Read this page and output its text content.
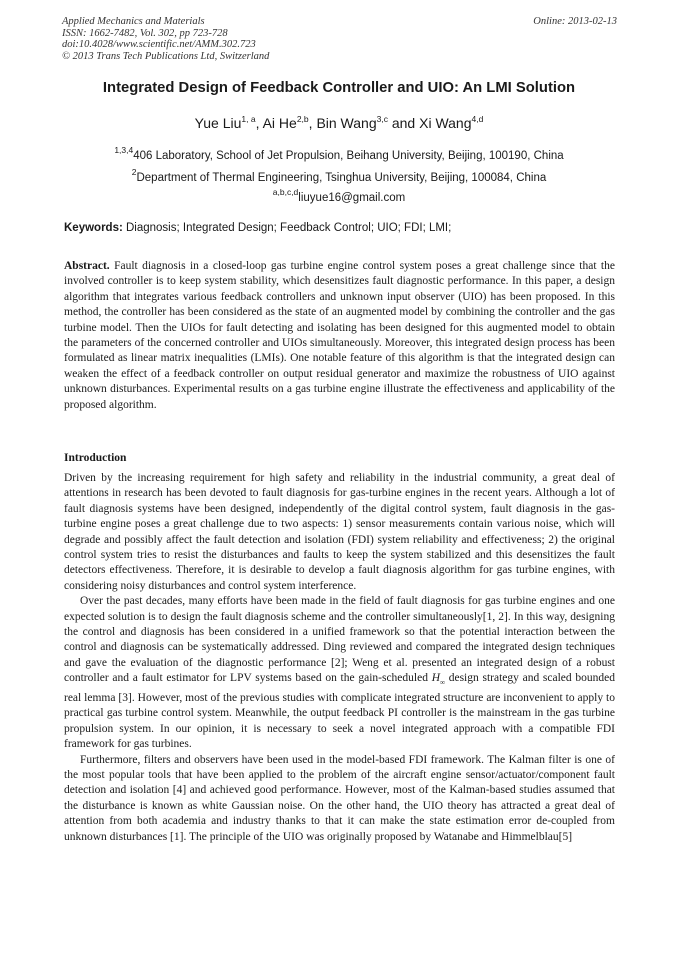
Applied Mechanics and Materials
ISSN: 1662-7482, Vol. 302, pp 723-728
doi:10.4028/www.scientific.net/AMM.302.723
© 2013 Trans Tech Publications Ltd, Switzerland
Online: 2013-02-13
Integrated Design of Feedback Controller and UIO: An LMI Solution
Yue Liu$^{1, a}$, Ai He$^{2,b}$, Bin Wang$^{3,c}$ and Xi Wang$^{4,d}$
$^{1,3,4}$406 Laboratory, School of Jet Propulsion, Beihang University, Beijing, 100190, China
$^2$Department of Thermal Engineering, Tsinghua University, Beijing, 100084, China
$^{a,b,c,d}$liuyue16@gmail.com
Keywords: Diagnosis; Integrated Design; Feedback Control; UIO; FDI; LMI;
Abstract. Fault diagnosis in a closed-loop gas turbine engine control system poses a great challenge since that the involved controller is to keep system stability, which desensitizes fault diagnostic performance. In this paper, a design algorithm that integrates various feedback controllers and unknown input observer (UIO) has been proposed. In this method, the controller has been considered as the state of an augmented model by combining the controller and the gas turbine model. Then the UIOs for fault detecting and isolating has been designed for this augmented model to obtain the parameters of the concerned controller and UIOs simultaneously. Moreover, this integrated design process has been formulated as linear matrix inequalities (LMIs). One notable feature of this algorithm is that the integrated design can weaken the effect of a feedback controller on output residual generator and maximize the robustness of UIO against unknown disturbances. Experimental results on a gas turbine engine illustrate the effectiveness and applicability of the proposed algorithm.
Introduction

Driven by the increasing requirement for high safety and reliability in the industrial community, a great deal of attentions in research has been devoted to fault diagnosis for gas-turbine engines in the recent years. Although a lot of fault diagnosis systems have been designed, independently of the digital control system, fault diagnosis in the gas-turbine engine poses a great challenge due to two aspects: 1) sensor measurements contain various noise, which will degrade and possibly affect the fault detection and isolation (FDI) system reliability and effectiveness; 2) the original control system tries to resist the disturbances and faults to keep the system stabilized and this desensitizes the fault detectors effectiveness. Therefore, it is desirable to develop a fault diagnosis algorithm for gas turbine engines, with considering noisy disturbances and control system interference.

Over the past decades, many efforts have been made in the field of fault diagnosis for gas turbine engines and one expected solution is to design the fault diagnosis scheme and the controller simultaneously[1, 2]. In this way, designing the control and diagnosis has been considered in a unified framework so that the potential interaction between the control and diagnosis can be systematically addressed. Ding reviewed and compared the integrated design techniques and gave the evaluation of the diagnostic performance [2]; Weng et al. presented an integrated design of a robust controller and a fault estimator for LPV systems based on the gain-scheduled $H_\infty$ design strategy and scaled bounded real lemma [3]. However, most of the previous studies with complicate integrated structure are inconvenient to apply to practical gas turbine control system. Meanwhile, the output feedback PI controller is the mainstream in the gas turbine propulsion system. In our opinion, it is necessary to seek a novel integrated approach with a compatible FDI framework for gas turbines.

Furthermore, filters and observers have been used in the model-based FDI framework. The Kalman filter is one of the most popular tools that have been applied to the problem of the aircraft engine sensor/actuator/component fault detection and isolation [4] and achieved good performance. However, most of the Kalman-based studies assumed that the disturbance is known as white Gaussian noise. On the other hand, the UIO theory has attracted a great deal of attention from both academia and industry thanks to that it can make the state estimation error de-coupled from unknown disturbances [1]. The principle of the UIO was originally proposed by Watanabe and Himmelblau[5]
